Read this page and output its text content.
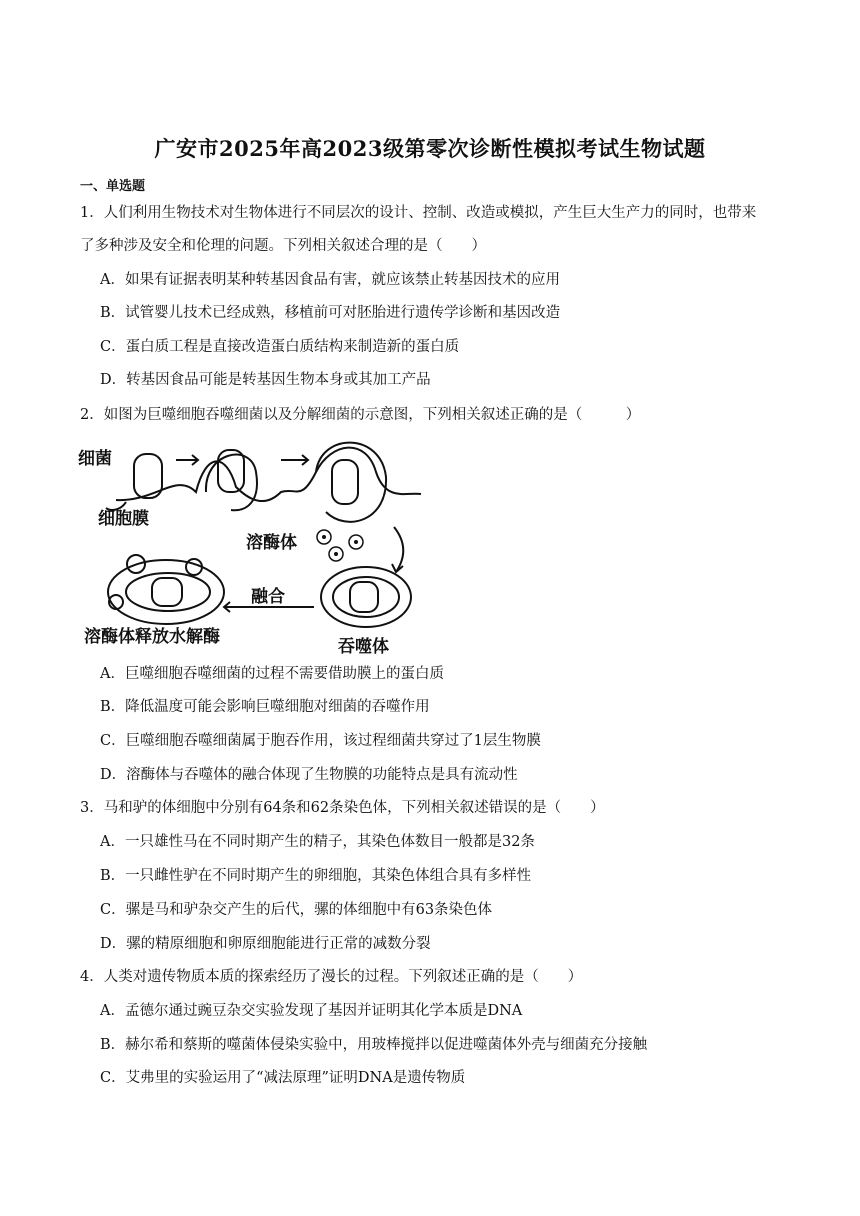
广安市2025年高2023级第零次诊断性模拟考试生物试题
一、单选题
1．人们利用生物技术对生物体进行不同层次的设计、控制、改造或模拟，产生巨大生产力的同时，也带来
了多种涉及安全和伦理的问题。下列相关叙述合理的是（　　）
A．如果有证据表明某种转基因食品有害，就应该禁止转基因技术的应用
B．试管婴儿技术已经成熟，移植前可对胚胎进行遗传学诊断和基因改造
C．蛋白质工程是直接改造蛋白质结构来制造新的蛋白质
D．转基因食品可能是转基因生物本身或其加工产品
2．如图为巨噬细胞吞噬细菌以及分解细菌的示意图，下列相关叙述正确的是（　　　）
细菌
细胞膜
溶酶体
融合
吞噬体
溶酶体释放水解酶
A．巨噬细胞吞噬细菌的过程不需要借助膜上的蛋白质
B．降低温度可能会影响巨噬细胞对细菌的吞噬作用
C．巨噬细胞吞噬细菌属于胞吞作用，该过程细菌共穿过了1层生物膜
D．溶酶体与吞噬体的融合体现了生物膜的功能特点是具有流动性
3．马和驴的体细胞中分别有64条和62条染色体，下列相关叙述错误的是（　　）
A．一只雄性马在不同时期产生的精子，其染色体数目一般都是32条
B．一只雌性驴在不同时期产生的卵细胞，其染色体组合具有多样性
C．骡是马和驴杂交产生的后代，骡的体细胞中有63条染色体
D．骡的精原细胞和卵原细胞能进行正常的减数分裂
4．人类对遗传物质本质的探索经历了漫长的过程。下列叙述正确的是（　　）
A．孟德尔通过豌豆杂交实验发现了基因并证明其化学本质是DNA
B．赫尔希和蔡斯的噬菌体侵染实验中，用玻棒搅拌以促进噬菌体外壳与细菌充分接触
C．艾弗里的实验运用了“减法原理”证明DNA是遗传物质
